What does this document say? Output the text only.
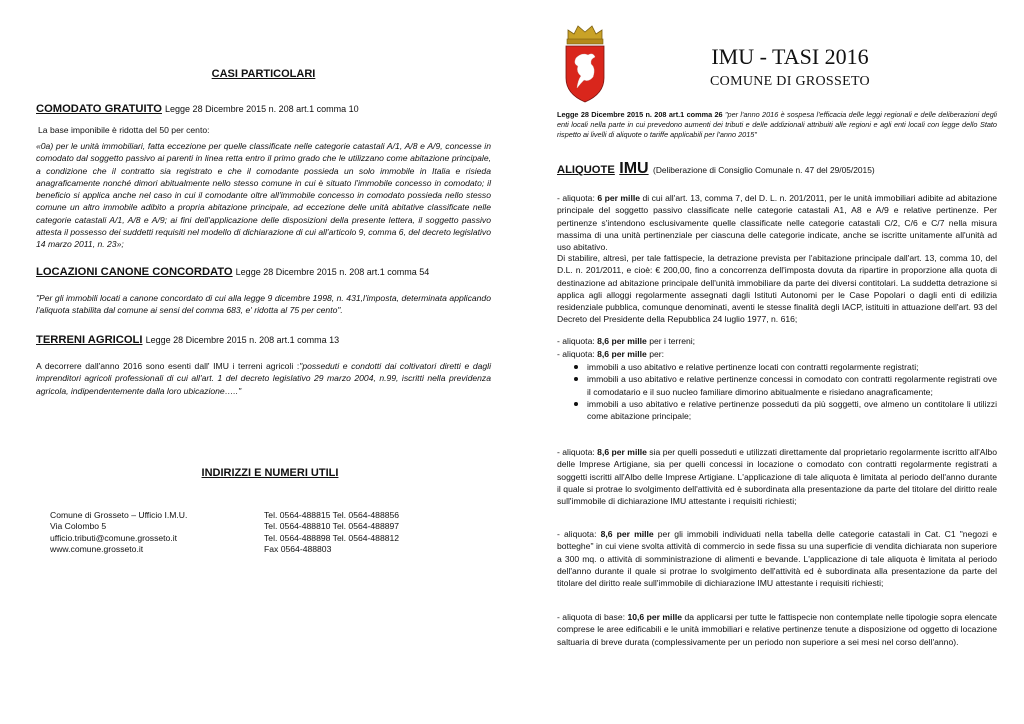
CASI PARTICOLARI
COMODATO GRATUITO Legge 28 Dicembre 2015 n. 208 art.1 comma 10

La base imponibile è ridotta del 50 per cento:

«0a) per le unità immobiliari, fatta eccezione per quelle classificate nelle categorie catastali A/1, A/8 e A/9, concesse in comodato dal soggetto passivo ai parenti in linea retta entro il primo grado che le utilizzano come abitazione principale, a condizione che il contratto sia registrato e che il comodante possieda un solo immobile in Italia e risieda anagraficamente nonché dimori abitualmente nello stesso comune in cui è situato l'immobile concesso in comodato; il beneficio si applica anche nel caso in cui il comodante oltre all'immobile concesso in comodato possieda nello stesso comune un altro immobile adibito a propria abitazione principale, ad eccezione delle unità abitative classificate nelle categorie catastali A/1, A/8 e A/9; ai fini dell'applicazione delle disposizioni della presente lettera, il soggetto passivo attesta il possesso dei suddetti requisiti nel modello di dichiarazione di cui all'articolo 9, comma 6, del decreto legislativo 14 marzo 2011, n. 23»;

LOCAZIONI CANONE CONCORDATO Legge 28 Dicembre 2015 n. 208 art.1 comma 54

"Per gli immobili locati a canone concordato di cui alla legge 9 dicembre 1998, n. 431,l'imposta, determinata applicando l'aliquota stabilita dal comune ai sensi del comma 683, e' ridotta al 75 per cento".

TERRENI AGRICOLI Legge 28 Dicembre 2015 n. 208 art.1 comma 13

A decorrere dall'anno 2016 sono esenti dall' IMU i terreni agricoli :"posseduti e condotti dai coltivatori diretti e dagli imprenditori agricoli professionali di cui all'art. 1 del decreto legislativo 29 marzo 2004, n.99, iscritti nella previdenza agricola, indipendentemente dalla loro ubicazione….."

INDIRIZZI E NUMERI UTILI
Comune di Grosseto – Ufficio I.M.U.
Via Colombo 5
ufficio.tributi@comune.grosseto.it
www.comune.grosseto.it
Tel. 0564-488815 Tel. 0564-488856
Tel. 0564-488810 Tel. 0564-488897
Tel. 0564-488898 Tel. 0564-488812
Fax 0564-488803
IMU - TASI 2016
COMUNE DI GROSSETO
Legge 28 Dicembre 2015 n. 208 art.1 comma 26 "per l'anno 2016 è sospesa l'efficacia delle leggi regionali e delle deliberazioni degli enti locali nella parte in cui prevedono aumenti dei tributi e delle addizionali attribuiti alle regioni e agli enti locali con legge dello Stato rispetto ai livelli di aliquote o tariffe applicabili per l'anno 2015"
ALIQUOTE IMU (Deliberazione di Consiglio Comunale n. 47 del 29/05/2015)

- aliquota: 6 per mille di cui all'art. 13, comma 7, del D. L. n. 201/2011, per le unità immobiliari adibite ad abitazione principale del soggetto passivo classificate nelle categorie catastali A1, A8 e A/9 e relative pertinenze. Per pertinenze s'intendono esclusivamente quelle classificate nelle categorie catastali C/2, C/6 e C/7 nella misura massima di una unità pertinenziale per ciascuna delle categorie indicate, anche se iscritte unitamente all'unità ad uso abitativo.

Di stabilire, altresì, per tale fattispecie, la detrazione prevista per l'abitazione principale dall'art. 13, comma 10, del D.L. n. 201/2011, e cioè: € 200,00, fino a concorrenza dell'imposta dovuta da ripartire in proporzione alla quota di destinazione ad abitazione principale dell'unità immobiliare da parte dei diversi contitolari. La suddetta detrazione si applica agli alloggi regolarmente assegnati dagli Istituti Autonomi per le Case Popolari o dagli enti di edilizia residenziale pubblica, comunque denominati, aventi le stesse finalità degli IACP, istituiti in attuazione dell'art. 93 del Decreto del Presidente della Repubblica 24 luglio 1977, n. 616;

- aliquota: 8,6 per mille per i terreni;

- aliquota: 8,6 per mille per:

immobili a uso abitativo e relative pertinenze locati con contratti regolarmente registrati;
immobili a uso abitativo e relative pertinenze concessi in comodato con contratti regolarmente registrati ove il comodatario e il suo nucleo familiare dimorino abitualmente e risiedano anagraficamente;
immobili a uso abitativo e relative pertinenze posseduti da più soggetti, ove almeno un contitolare li utilizzi come abitazione principale;

- aliquota: 8,6 per mille sia per quelli posseduti e utilizzati direttamente dal proprietario regolarmente iscritto all'Albo delle Imprese Artigiane, sia per quelli concessi in locazione o comodato con contratti regolarmente registrati a soggetti iscritti all'Albo delle Imprese Artigiane. L'applicazione di tale aliquota è limitata al periodo dell'anno durante il quale si protrae lo svolgimento dell'attività ed è subordinata alla presentazione da parte del titolare del diritto reale sull'immobile di dichiarazione IMU attestante i requisiti richiesti;

- aliquota: 8,6 per mille per gli immobili individuati nella tabella delle categorie catastali in Cat. C1 "negozi e botteghe" in cui viene svolta attività di commercio in sede fissa su una superficie di vendita dichiarata non superiore a 300 mq. o attività di somministrazione di alimenti e bevande. L'applicazione di tale aliquota è limitata al periodo dell'anno durante il quale si protrae lo svolgimento dell'attività ed è subordinata alla presentazione da parte del titolare del diritto reale sull'immobile di dichiarazione IMU attestante i requisiti richiesti;

- aliquota di base: 10,6 per mille da applicarsi per tutte le fattispecie non contemplate nelle tipologie sopra elencate comprese le aree edificabili e le unità immobiliari e relative pertinenze tenute a disposizione od oggetto di locazione saltuaria di breve durata (complessivamente per un periodo non superiore a sei mesi nel corso dell'anno).
